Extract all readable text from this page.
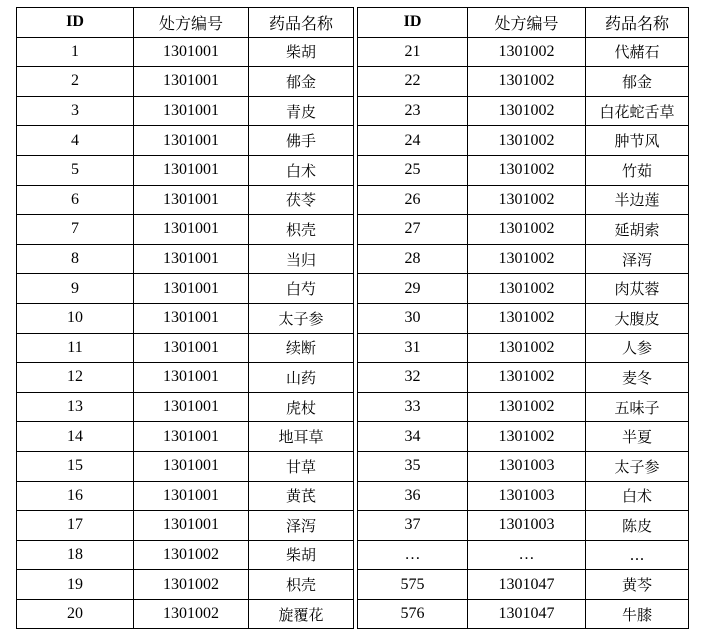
ID	处方编号	药品名称
1	1301001	柴胡
2	1301001	郁金
3	1301001	青皮
4	1301001	佛手
5	1301001	白术
6	1301001	茯苓
7	1301001	枳壳
8	1301001	当归
9	1301001	白芍
10	1301001	太子参
11	1301001	续断
12	1301001	山药
13	1301001	虎杖
14	1301001	地耳草
15	1301001	甘草
16	1301001	黄芪
17	1301001	泽泻
18	1301002	柴胡
19	1301002	枳壳
20	1301002	旋覆花
ID	处方编号	药品名称
21	1301002	代赭石
22	1301002	郁金
23	1301002	白花蛇舌草
24	1301002	肿节风
25	1301002	竹茹
26	1301002	半边莲
27	1301002	延胡索
28	1301002	泽泻
29	1301002	肉苁蓉
30	1301002	大腹皮
31	1301002	人参
32	1301002	麦冬
33	1301002	五味子
34	1301002	半夏
35	1301003	太子参
36	1301003	白术
37	1301003	陈皮
…	…	…
575	1301047	黄芩
576	1301047	牛膝
